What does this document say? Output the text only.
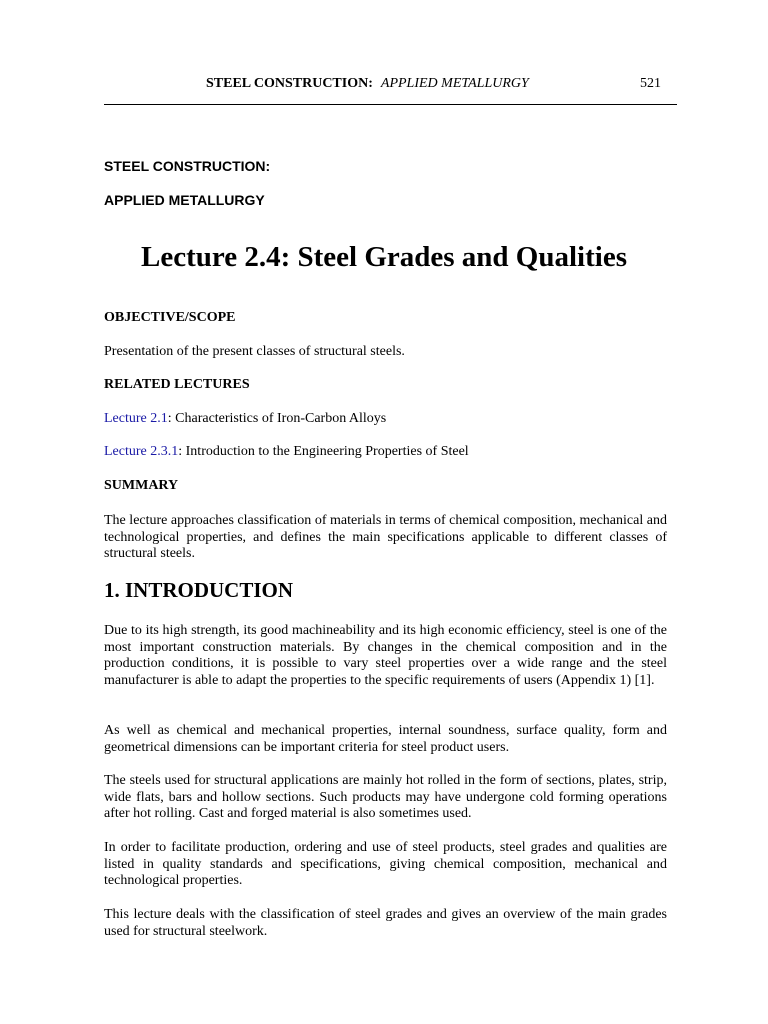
STEEL CONSTRUCTION: APPLIED METALLURGY	521
STEEL CONSTRUCTION:
APPLIED METALLURGY
Lecture 2.4: Steel Grades and Qualities
OBJECTIVE/SCOPE
Presentation of the present classes of structural steels.
RELATED LECTURES
Lecture 2.1: Characteristics of Iron-Carbon Alloys
Lecture 2.3.1: Introduction to the Engineering Properties of Steel
SUMMARY

The lecture approaches classification of materials in terms of chemical composition, mechanical and technological properties, and defines the main specifications applicable to different classes of structural steels.

1. INTRODUCTION

Due to its high strength, its good machineability and its high economic efficiency, steel is one of the most important construction materials. By changes in the chemical composition and in the production conditions, it is possible to vary steel properties over a wide range and the steel manufacturer is able to adapt the properties to the specific requirements of users (Appendix 1) [1].

As well as chemical and mechanical properties, internal soundness, surface quality, form and geometrical dimensions can be important criteria for steel product users.

The steels used for structural applications are mainly hot rolled in the form of sections, plates, strip, wide flats, bars and hollow sections. Such products may have undergone cold forming operations after hot rolling. Cast and forged material is also sometimes used.

In order to facilitate production, ordering and use of steel products, steel grades and qualities are listed in quality standards and specifications, giving chemical composition, mechanical and technological properties.

This lecture deals with the classification of steel grades and gives an overview of the main grades used for structural steelwork.
